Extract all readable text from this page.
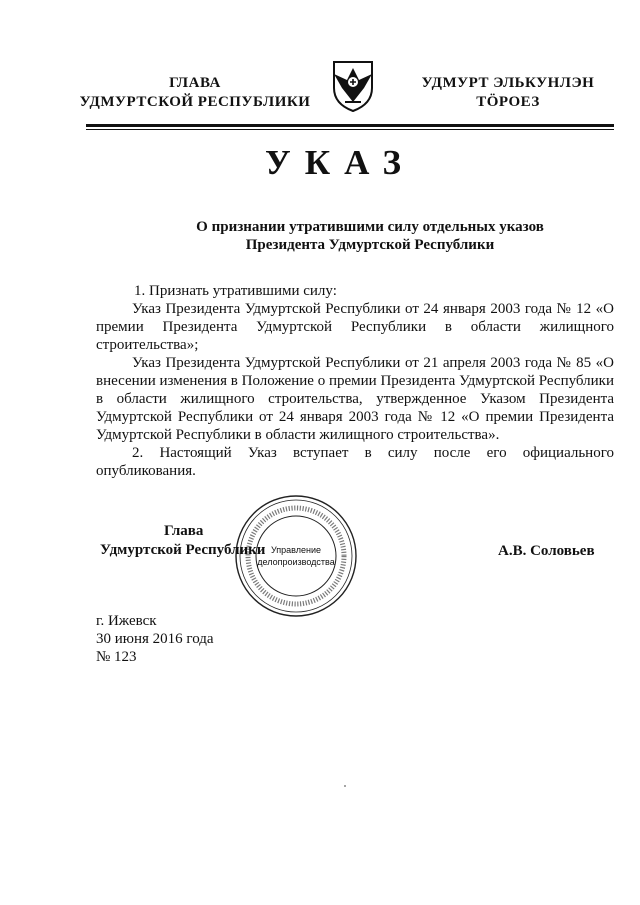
ГЛАВА
УДМУРТСКОЙ РЕСПУБЛИКИ
УДМУРТ ЭЛЬКУНЛЭН
ТӦРОЕЗ
УКАЗ
О признании утратившими силу отдельных указов
Президента Удмуртской Республики

1. Признать утратившими силу:

Указ Президента Удмуртской Республики от 24 января 2003 года № 12 «О премии Президента Удмуртской Республики в области жилищного строительства»;

Указ Президента Удмуртской Республики от 21 апреля 2003 года № 85 «О внесении изменения в Положение о премии Президента Удмуртской Республики в области жилищного строительства, утвержденное Указом Президента Удмуртской Республики от 24 января 2003 года № 12 «О премии Президента Удмуртской Республики в области жилищного строительства».

2. Настоящий Указ вступает в силу после его официального опубликования.

Управление
делопроизводства
Глава
Удмуртской Республики	А.В. Соловьев
г. Ижевск
30 июня 2016 года
№ 123
